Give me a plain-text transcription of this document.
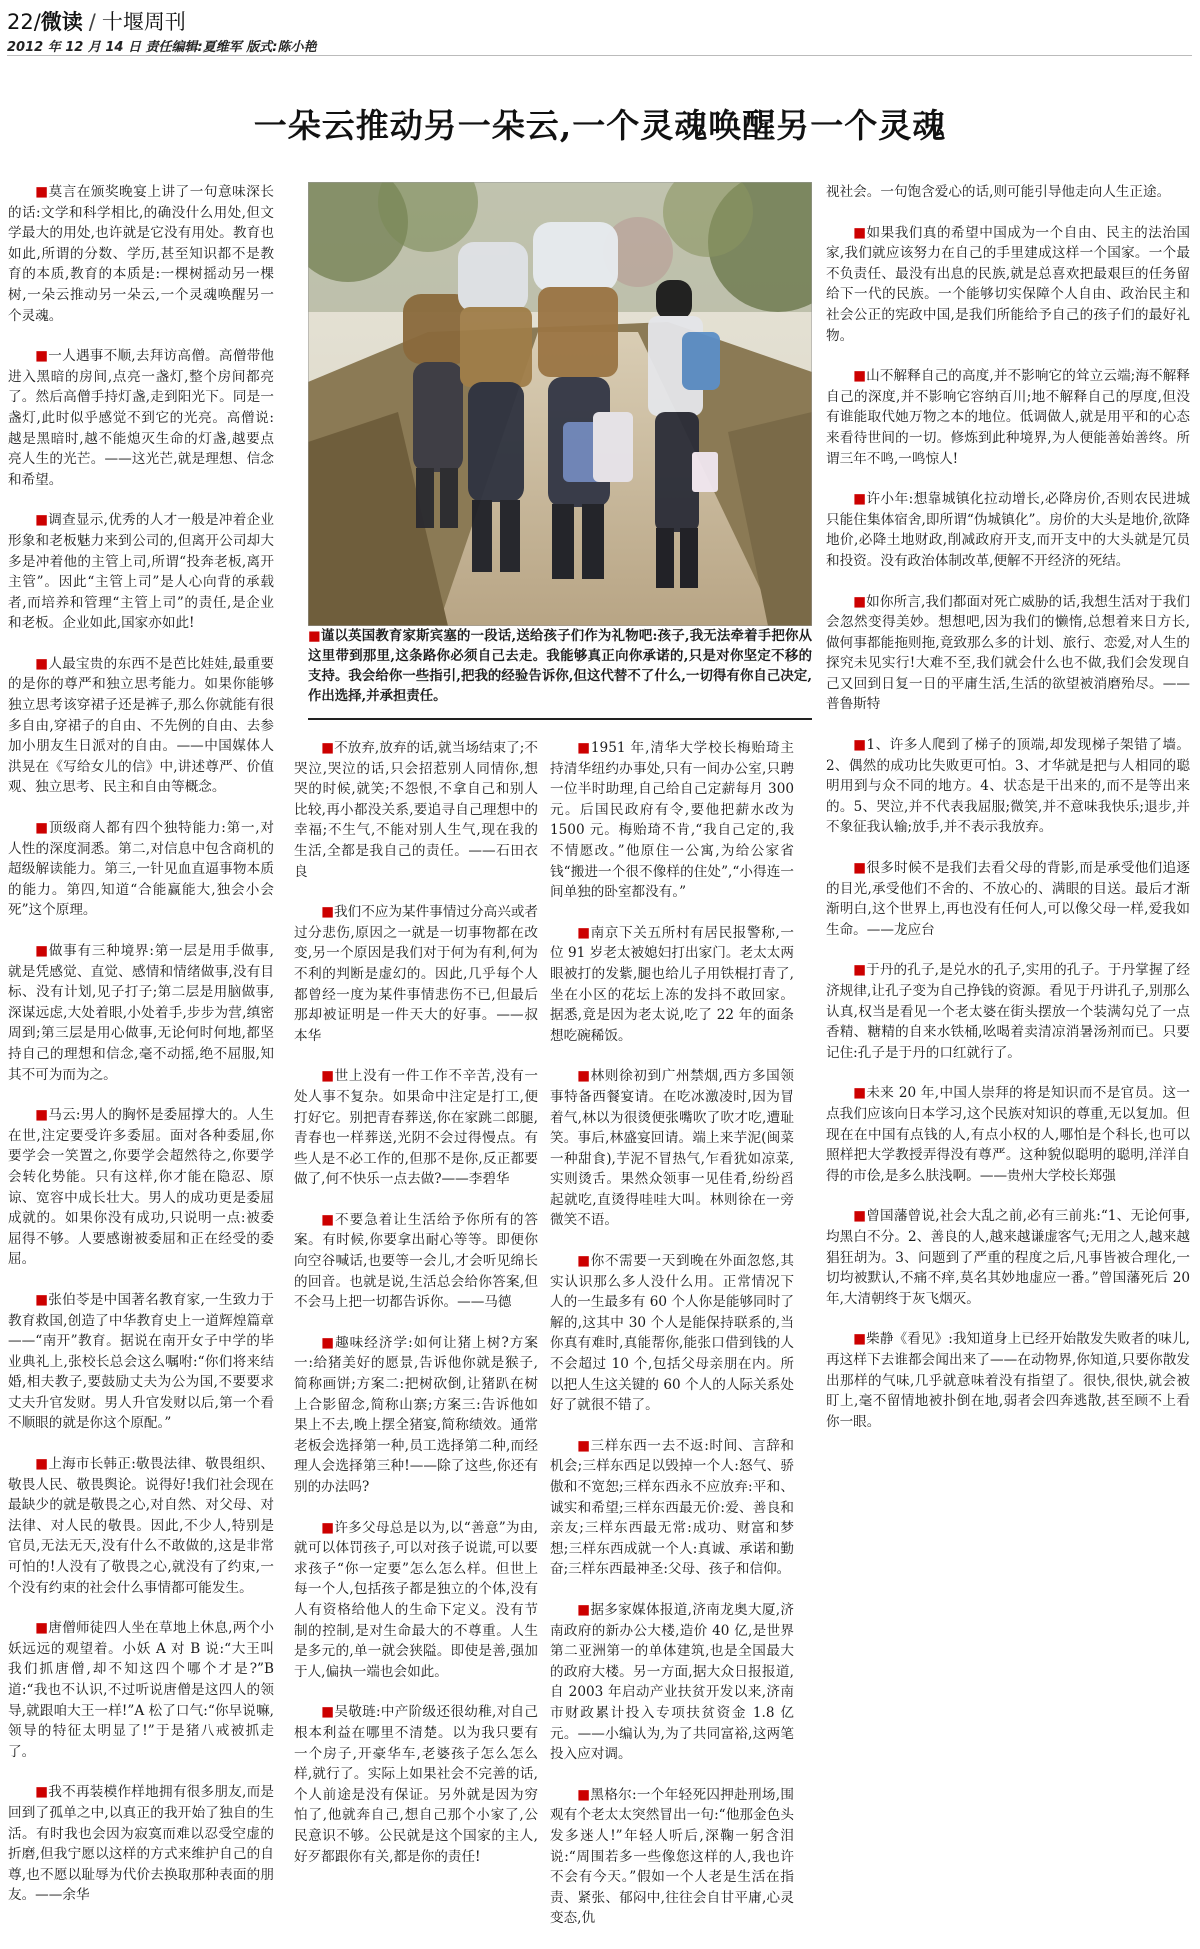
22/微读 / 十堰周刊
2012 年 12 月 14 日 责任编辑:夏维军 版式:陈小艳
一朵云推动另一朵云,一个灵魂唤醒另一个灵魂

■莫言在颁奖晚宴上讲了一句意味深长的话:文学和科学相比,的确没什么用处,但文学最大的用处,也许就是它没有用处。教育也如此,所谓的分数、学历,甚至知识都不是教育的本质,教育的本质是:一棵树摇动另一棵树,一朵云推动另一朵云,一个灵魂唤醒另一个灵魂。

■一人遇事不顺,去拜访高僧。高僧带他进入黑暗的房间,点亮一盏灯,整个房间都亮了。然后高僧手持灯盏,走到阳光下。同是一盏灯,此时似乎感觉不到它的光亮。高僧说:越是黑暗时,越不能熄灭生命的灯盏,越要点亮人生的光芒。——这光芒,就是理想、信念和希望。

■调查显示,优秀的人才一般是冲着企业形象和老板魅力来到公司的,但离开公司却大多是冲着他的主管上司,所谓“投奔老板,离开主管”。因此“主管上司”是人心向背的承载者,而培养和管理“主管上司”的责任,是企业和老板。企业如此,国家亦如此!

■人最宝贵的东西不是芭比娃娃,最重要的是你的尊严和独立思考能力。如果你能够独立思考该穿裙子还是裤子,那么你就能有很多自由,穿裙子的自由、不先例的自由、去参加小朋友生日派对的自由。——中国媒体人洪晃在《写给女儿的信》中,讲述尊严、价值观、独立思考、民主和自由等概念。

■顶级商人都有四个独特能力:第一,对人性的深度洞悉。第二,对信息中包含商机的超级解读能力。第三,一针见血直逼事物本质的能力。第四,知道“合能赢能大,独会小会死”这个原理。

■做事有三种境界:第一层是用手做事,就是凭感觉、直觉、感情和情绪做事,没有目标、没有计划,见子打子;第二层是用脑做事,深谋远虑,大处着眼,小处着手,步步为营,缜密周到;第三层是用心做事,无论何时何地,都坚持自己的理想和信念,毫不动摇,绝不屈服,知其不可为而为之。

■马云:男人的胸怀是委屈撑大的。人生在世,注定要受许多委屈。面对各种委屈,你要学会一笑置之,你要学会超然待之,你要学会转化势能。只有这样,你才能在隐忍、原谅、宽容中成长壮大。男人的成功更是委屈成就的。如果你没有成功,只说明一点:被委屈得不够。人要感谢被委屈和正在经受的委屈。

■张伯苓是中国著名教育家,一生致力于教育救国,创造了中华教育史上一道辉煌篇章——“南开”教育。据说在南开女子中学的毕业典礼上,张校长总会这么嘱咐:“你们将来结婚,相夫教子,要鼓励丈夫为公为国,不要要求丈夫升官发财。男人升官发财以后,第一个看不顺眼的就是你这个原配。”

■上海市长韩正:敬畏法律、敬畏组织、敬畏人民、敬畏舆论。说得好!我们社会现在最缺少的就是敬畏之心,对自然、对父母、对法律、对人民的敬畏。因此,不少人,特别是官员,无法无天,没有什么不敢做的,这是非常可怕的!人没有了敬畏之心,就没有了约束,一个没有约束的社会什么事情都可能发生。

■唐僧师徒四人坐在草地上休息,两个小妖远远的观望着。小妖 A 对 B 说:“大王叫我们抓唐僧,却不知这四个哪个才是?”B 道:“我也不认识,不过听说唐僧是这四人的领导,就跟咱大王一样!”A 松了口气:“你早说嘛,领导的特征太明显了!”于是猪八戒被抓走了。

■我不再装模作样地拥有很多朋友,而是回到了孤单之中,以真正的我开始了独自的生活。有时我也会因为寂寞而难以忍受空虚的折磨,但我宁愿以这样的方式来维护自己的自尊,也不愿以耻辱为代价去换取那种表面的朋友。——余华

■谨以英国教育家斯宾塞的一段话,送给孩子们作为礼物吧:孩子,我无法牵着手把你从这里带到那里,这条路你必须自己去走。我能够真正向你承诺的,只是对你坚定不移的支持。我会给你一些指引,把我的经验告诉你,但这代替不了什么,一切得有你自己决定,作出选择,并承担责任。

■不放弃,放弃的话,就当场结束了;不哭泣,哭泣的话,只会招惹别人同情你,想哭的时候,就笑;不怨恨,不拿自己和别人比较,再小都没关系,要追寻自己理想中的幸福;不生气,不能对别人生气,现在我的生活,全都是我自己的责任。——石田衣良

■我们不应为某件事情过分高兴或者过分悲伤,原因之一就是一切事物都在改变,另一个原因是我们对于何为有利,何为不利的判断是虚幻的。因此,几乎每个人都曾经一度为某件事情悲伤不已,但最后那却被证明是一件天大的好事。——叔本华

■世上没有一件工作不辛苦,没有一处人事不复杂。如果命中注定是打工,便打好它。别把青春葬送,你在家跳二郎腿,青春也一样葬送,光阴不会过得慢点。有些人是不必工作的,但那不是你,反正都要做了,何不快乐一点去做?——李碧华

■不要急着让生活给予你所有的答案。有时候,你要拿出耐心等等。即便你向空谷喊话,也要等一会儿,才会听见绵长的回音。也就是说,生活总会给你答案,但不会马上把一切都告诉你。——马德

■趣味经济学:如何让猪上树?方案一:给猪美好的愿景,告诉他你就是猴子,简称画饼;方案二:把树砍倒,让猪趴在树上合影留念,简称山寨;方案三:告诉他如果上不去,晚上摆全猪宴,简称绩效。通常老板会选择第一种,员工选择第二种,而经理人会选择第三种!——除了这些,你还有别的办法吗?

■许多父母总是以为,以“善意”为由,就可以体罚孩子,可以对孩子说谎,可以要求孩子“你一定要”怎么怎么样。但世上每一个人,包括孩子都是独立的个体,没有人有资格给他人的生命下定义。没有节制的控制,是对生命最大的不尊重。人生是多元的,单一就会狭隘。即使是善,强加于人,偏执一端也会如此。

■吴敬琏:中产阶级还很幼稚,对自己根本利益在哪里不清楚。以为我只要有一个房子,开豪华车,老婆孩子怎么怎么样,就行了。实际上如果社会不完善的话,个人前途是没有保证。另外就是因为穷怕了,他就奔自己,想自己那个小家了,公民意识不够。公民就是这个国家的主人,好歹都跟你有关,都是你的责任!

■1951 年,清华大学校长梅贻琦主持清华纽约办事处,只有一间办公室,只聘一位半时助理,自己给自己定薪每月 300 元。后国民政府有令,要他把薪水改为 1500 元。梅贻琦不肯,“我自己定的,我不情愿改。”他原住一公寓,为给公家省钱“搬进一个很不像样的住处”,“小得连一间单独的卧室都没有。”

■南京下关五所村有居民报警称,一位 91 岁老太被媳妇打出家门。老太太两眼被打的发紫,腿也给儿子用铁棍打青了,坐在小区的花坛上冻的发抖不敢回家。据悉,竟是因为老太说,吃了 22 年的面条想吃碗稀饭。

■林则徐初到广州禁烟,西方多国领事特备西餐宴请。在吃冰激凌时,因为冒着气,林以为很烫便张嘴吹了吹才吃,遭耻笑。事后,林盛宴回请。端上来芋泥(闽菜一种甜食),芋泥不冒热气,乍看犹如凉菜,实则烫舌。果然众领事一见佳肴,纷纷舀起就吃,直烫得哇哇大叫。林则徐在一旁微笑不语。

■你不需要一天到晚在外面忽悠,其实认识那么多人没什么用。正常情况下人的一生最多有 60 个人你是能够同时了解的,这其中 30 个人是能保持联系的,当你真有难时,真能帮你,能张口借到钱的人不会超过 10 个,包括父母亲朋在内。所以把人生这关键的 60 个人的人际关系处好了就很不错了。

■三样东西一去不返:时间、言辞和机会;三样东西足以毁掉一个人:怒气、骄傲和不宽恕;三样东西永不应放弃:平和、诚实和希望;三样东西最无价:爱、善良和亲友;三样东西最无常:成功、财富和梦想;三样东西成就一个人:真诚、承诺和勤奋;三样东西最神圣:父母、孩子和信仰。

■据多家媒体报道,济南龙奥大厦,济南政府的新办公大楼,造价 40 亿,是世界第二亚洲第一的单体建筑,也是全国最大的政府大楼。另一方面,据大众日报报道,自 2003 年启动产业扶贫开发以来,济南市财政累计投入专项扶贫资金 1.8 亿元。——小编认为,为了共同富裕,这两笔投入应对调。

■黑格尔:一个年轻死囚押赴刑场,围观有个老太太突然冒出一句:“他那金色头发多迷人!”年轻人听后,深鞠一躬含泪说:“周围若多一些像您这样的人,我也许不会有今天。”假如一个人老是生活在指责、紧张、郁闷中,往往会自甘平庸,心灵变态,仇

视社会。一句饱含爱心的话,则可能引导他走向人生正途。

■如果我们真的希望中国成为一个自由、民主的法治国家,我们就应该努力在自己的手里建成这样一个国家。一个最不负责任、最没有出息的民族,就是总喜欢把最艰巨的任务留给下一代的民族。一个能够切实保障个人自由、政治民主和社会公正的宪政中国,是我们所能给予自己的孩子们的最好礼物。

■山不解释自己的高度,并不影响它的耸立云端;海不解释自己的深度,并不影响它容纳百川;地不解释自己的厚度,但没有谁能取代她万物之本的地位。低调做人,就是用平和的心态来看待世间的一切。修炼到此种境界,为人便能善始善终。所谓三年不鸣,一鸣惊人!

■许小年:想靠城镇化拉动增长,必降房价,否则农民进城只能住集体宿舍,即所谓“伪城镇化”。房价的大头是地价,欲降地价,必降土地财政,削减政府开支,而开支中的大头就是冗员和投资。没有政治体制改革,便解不开经济的死结。

■如你所言,我们都面对死亡威胁的话,我想生活对于我们会忽然变得美妙。想想吧,因为我们的懒惰,总想着来日方长,做何事都能拖则拖,竟致那么多的计划、旅行、恋爱,对人生的探究未见实行!大难不至,我们就会什么也不做,我们会发现自己又回到日复一日的平庸生活,生活的欲望被消磨殆尽。——普鲁斯特

■1、许多人爬到了梯子的顶端,却发现梯子架错了墙。2、偶然的成功比失败更可怕。3、才华就是把与人相同的聪明用到与众不同的地方。4、状态是干出来的,而不是等出来的。5、哭泣,并不代表我屈服;微笑,并不意味我快乐;退步,并不象征我认输;放手,并不表示我放弃。

■很多时候不是我们去看父母的背影,而是承受他们追逐的目光,承受他们不舍的、不放心的、满眼的目送。最后才渐渐明白,这个世界上,再也没有任何人,可以像父母一样,爱我如生命。——龙应台

■于丹的孔子,是兑水的孔子,实用的孔子。于丹掌握了经济规律,让孔子变为自己挣钱的资源。看见于丹讲孔子,别那么认真,权当是看见一个老太婆在街头摆放一个装满勾兑了一点香精、糖精的自来水铁桶,吆喝着卖清凉消暑汤剂而已。只要记住:孔子是于丹的口红就行了。

■未来 20 年,中国人崇拜的将是知识而不是官员。这一点我们应该向日本学习,这个民族对知识的尊重,无以复加。但现在在中国有点钱的人,有点小权的人,哪怕是个科长,也可以照样把大学教授弄得没有尊严。这种貌似聪明的聪明,洋洋自得的市侩,是多么肤浅啊。——贵州大学校长郑强

■曾国藩曾说,社会大乱之前,必有三前兆:“1、无论何事,均黑白不分。2、善良的人,越来越谦虚客气;无用之人,越来越猖狂胡为。3、问题到了严重的程度之后,凡事皆被合理化,一切均被默认,不痛不痒,莫名其妙地虚应一番。”曾国藩死后 20 年,大清朝终于灰飞烟灭。

■柴静《看见》:我知道身上已经开始散发失败者的味儿,再这样下去谁都会闻出来了——在动物界,你知道,只要你散发出那样的气味,几乎就意味着没有指望了。很快,很快,就会被盯上,毫不留情地被扑倒在地,弱者会四奔逃散,甚至顾不上看你一眼。
